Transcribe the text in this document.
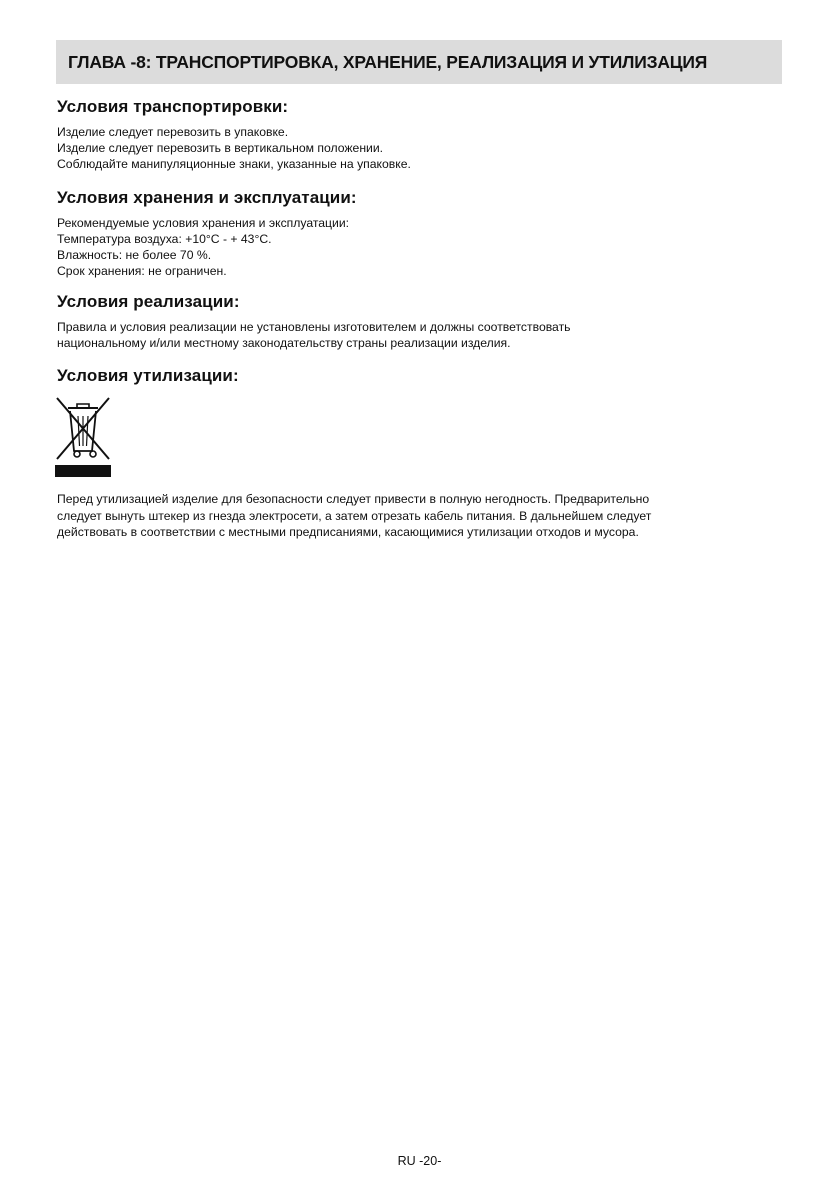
ГЛАВА -8: ТРАНСПОРТИРОВКА, ХРАНЕНИЕ, РЕАЛИЗАЦИЯ И УТИЛИЗАЦИЯ
Условия транспортировки:

Изделие следует перевозить в упаковке.
Изделие следует перевозить в вертикальном положении.
Соблюдайте манипуляционные знаки, указанные на упаковке.

Условия хранения и эксплуатации:

Рекомендуемые условия хранения и эксплуатации:
Температура воздуха: +10°C - + 43°C.
Влажность: не более 70 %.
Срок хранения: не ограничен.

Условия реализации:

Правила и условия реализации не установлены изготовителем и должны соответствовать
национальному и/или местному законодательству страны реализации изделия.

Условия утилизации:
Перед утилизацией изделие для безопасности следует привести в полную негодность. Предварительно
следует вынуть штекер из гнезда электросети, а затем отрезать кабель питания. В дальнейшем следует
действовать в соответствии с местными предписаниями, касающимися утилизации отходов и мусора.
RU -20-
